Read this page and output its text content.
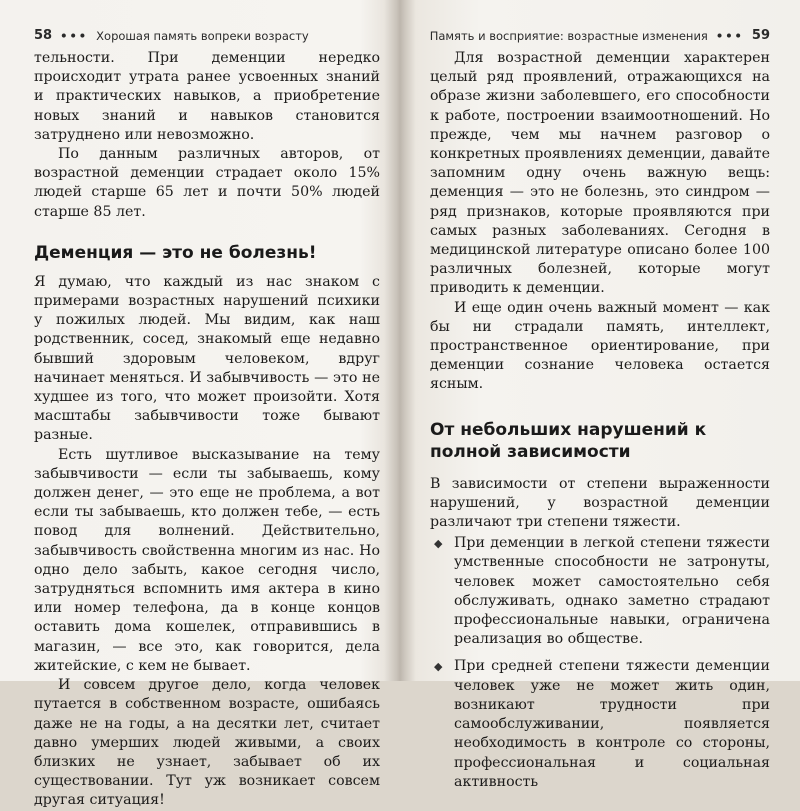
58 ••• Хорошая память вопреки возрасту

тельности. При деменции нередко происходит утрата ранее усвоенных знаний и практических навыков, а приобретение новых знаний и навыков становится затруднено или невозможно.

По данным различных авторов, от возрастной деменции страдает около 15% людей старше 65 лет и почти 50% людей старше 85 лет.

Деменция — это не болезнь!

Я думаю, что каждый из нас знаком с примерами возрастных нарушений психики у пожилых людей. Мы видим, как наш родственник, сосед, знакомый еще недавно бывший здоровым человеком, вдруг начинает меняться. И забывчивость — это не худшее из того, что может произойти. Хотя масштабы забывчивости тоже бывают разные.

Есть шутливое высказывание на тему забывчивости — если ты забываешь, кому должен денег, — это еще не проблема, а вот если ты забываешь, кто должен тебе, — есть повод для волнений. Действительно, забывчивость свойственна многим из нас. Но одно дело забыть, какое сегодня число, затрудняться вспомнить имя актера в кино или номер телефона, да в конце концов оставить дома кошелек, отправившись в магазин, — все это, как говорится, дела житейские, с кем не бывает.

И совсем другое дело, когда человек путается в собственном возрасте, ошибаясь даже не на годы, а на десятки лет, считает давно умерших людей живыми, а своих близких не узнает, забывает об их существовании. Тут уж возникает совсем другая ситуация!

Память и восприятие: возрастные изменения ••• 59

Для возрастной деменции характерен целый ряд проявлений, отражающихся на образе жизни заболевшего, его способности к работе, построении взаимоотношений. Но прежде, чем мы начнем разговор о конкретных проявлениях деменции, давайте запомним одну очень важную вещь: деменция — это не болезнь, это синдром — ряд признаков, которые проявляются при самых разных заболеваниях. Сегодня в медицинской литературе описано более 100 различных болезней, которые могут приводить к деменции.

И еще один очень важный момент — как бы ни страдали память, интеллект, пространственное ориентирование, при деменции сознание человека остается ясным.

От небольших нарушений к полной зависимости

В зависимости от степени выраженности нарушений, у возрастной деменции различают три степени тяжести.

◆ При деменции в легкой степени тяжести умственные способности не затронуты, человек может самостоятельно себя обслуживать, однако заметно страдают профессиональные навыки, ограничена реализация во обществе.
◆ При средней степени тяжести деменции человек уже не может жить один, возникают трудности при самообслуживании, появляется необходимость в контроле со стороны, профессиональная и социальная активность
